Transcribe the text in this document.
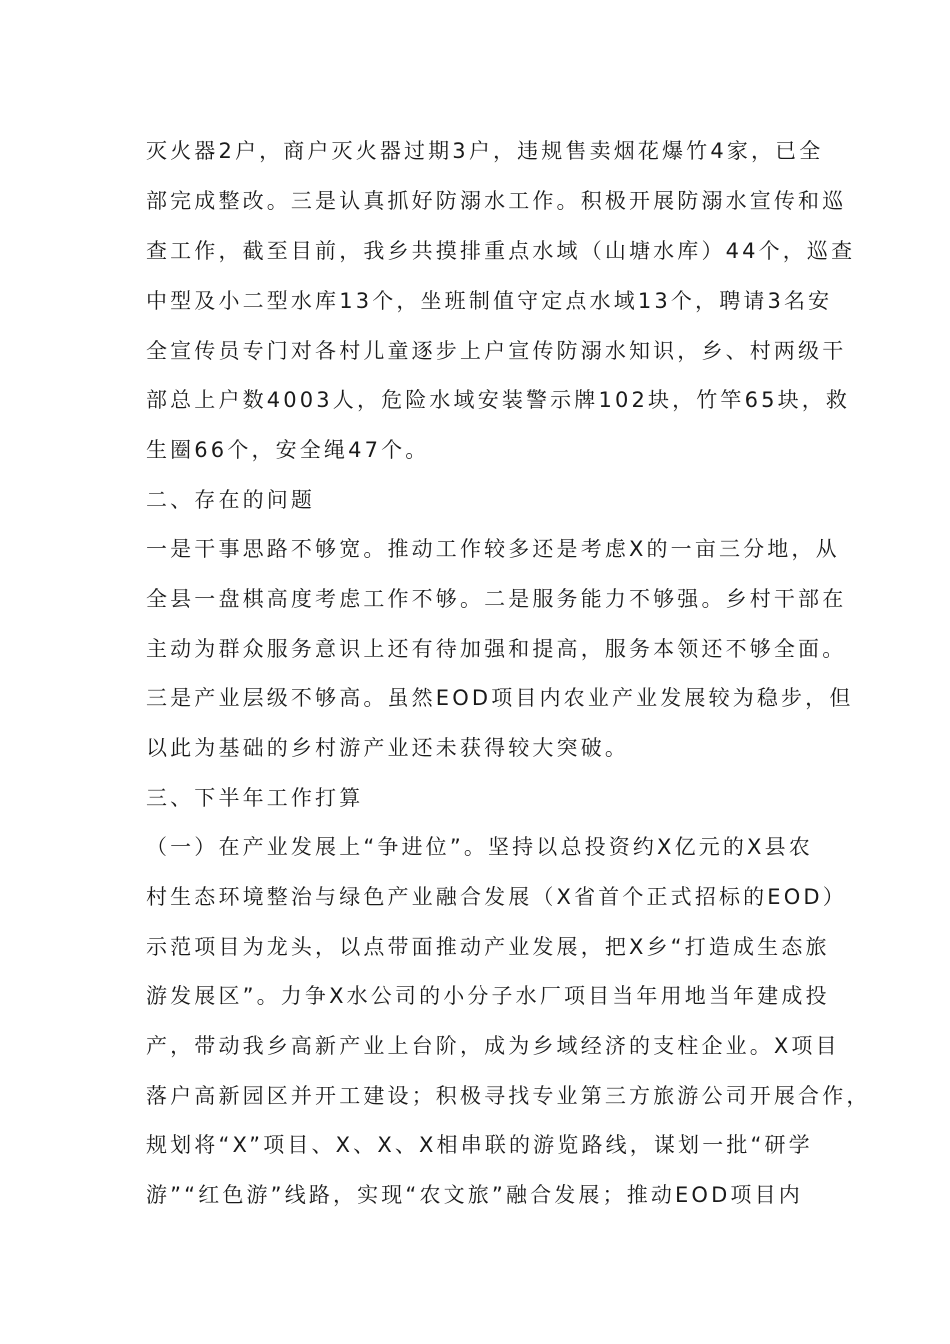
灭火器2户，商户灭火器过期3户，违规售卖烟花爆竹4家，已全
部完成整改。三是认真抓好防溺水工作。积极开展防溺水宣传和巡
查工作，截至目前，我乡共摸排重点水域（山塘水库）44个，巡查
中型及小二型水库13个，坐班制值守定点水域13个，聘请3名安
全宣传员专门对各村儿童逐步上户宣传防溺水知识，乡、村两级干
部总上户数4003人，危险水域安装警示牌102块，竹竿65块，救
生圈66个，安全绳47个。
二、存在的问题
一是干事思路不够宽。推动工作较多还是考虑X的一亩三分地，从
全县一盘棋高度考虑工作不够。二是服务能力不够强。乡村干部在
主动为群众服务意识上还有待加强和提高，服务本领还不够全面。
三是产业层级不够高。虽然EOD项目内农业产业发展较为稳步，但
以此为基础的乡村游产业还未获得较大突破。
三、下半年工作打算
（一）在产业发展上“争进位”。坚持以总投资约X亿元的X县农
村生态环境整治与绿色产业融合发展（X省首个正式招标的EOD）
示范项目为龙头，以点带面推动产业发展，把X乡“打造成生态旅
游发展区”。力争X水公司的小分子水厂项目当年用地当年建成投
产，带动我乡高新产业上台阶，成为乡域经济的支柱企业。X项目
落户高新园区并开工建设；积极寻找专业第三方旅游公司开展合作，
规划将“X”项目、X、X、X相串联的游览路线，谋划一批“研学
游”“红色游”线路，实现“农文旅”融合发展；推动EOD项目内
